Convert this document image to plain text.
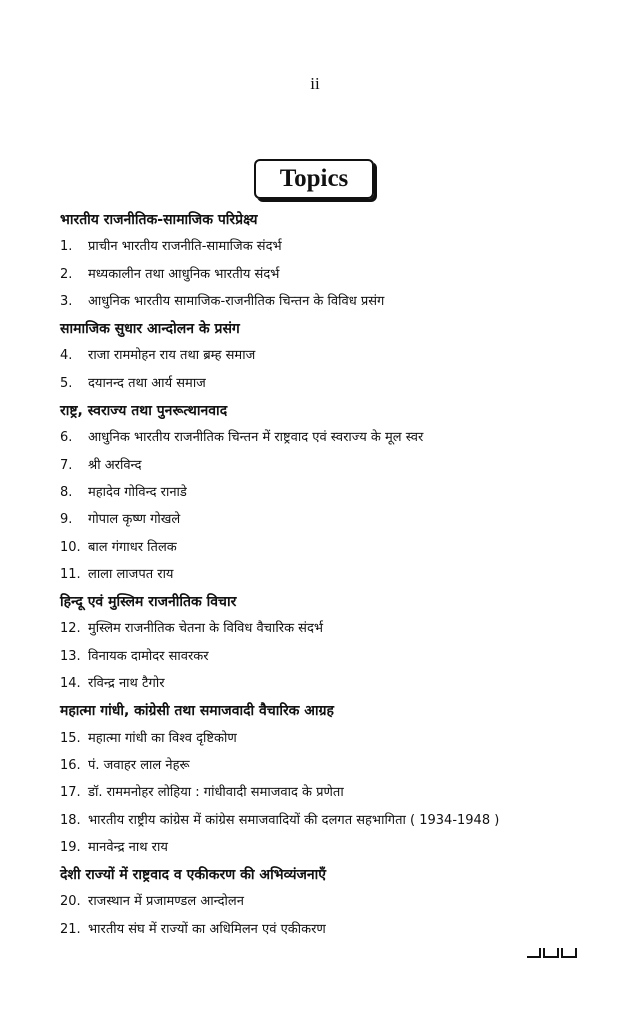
ii
Topics
भारतीय राजनीतिक-सामाजिक परिप्रेक्ष्य
1.	प्राचीन भारतीय राजनीति-सामाजिक संदर्भ
2.	मध्यकालीन तथा आधुनिक भारतीय संदर्भ
3.	आधुनिक भारतीय सामाजिक-राजनीतिक चिन्तन के विविध प्रसंग
सामाजिक सुधार आन्दोलन के प्रसंग
4.	राजा राममोहन राय तथा ब्रम्ह समाज
5.	दयानन्द तथा आर्य समाज
राष्ट्र, स्वराज्य तथा पुनरूत्थानवाद
6.	आधुनिक भारतीय राजनीतिक चिन्तन में राष्ट्रवाद एवं स्वराज्य के मूल स्वर
7.	श्री अरविन्द
8.	महादेव गोविन्द रानाडे
9.	गोपाल कृष्ण गोखले
10. बाल गंगाधर तिलक
11. लाला लाजपत राय
हिन्दू एवं मुस्लिम राजनीतिक विचार
12. मुस्लिम राजनीतिक चेतना के विविध वैचारिक संदर्भ
13. विनायक दामोदर सावरकर
14. रविन्द्र नाथ टैगोर
महात्मा गांधी, कांग्रेसी तथा समाजवादी वैचारिक आग्रह
15. महात्मा गांधी का विश्व दृष्टिकोण
16. पं. जवाहर लाल नेहरू
17. डॉ. राममनोहर लोहिया : गांधीवादी समाजवाद के प्रणेता
18. भारतीय राष्ट्रीय कांग्रेस में कांग्रेस समाजवादियों की दलगत सहभागिता ( 1934-1948 )
19. मानवेन्द्र नाथ राय
देशी राज्यों में राष्ट्रवाद व एकीकरण की अभिव्यंजनाएँ
20. राजस्थान में प्रजामण्डल आन्दोलन
21. भारतीय संघ में राज्यों का अधिमिलन एवं एकीकरण
